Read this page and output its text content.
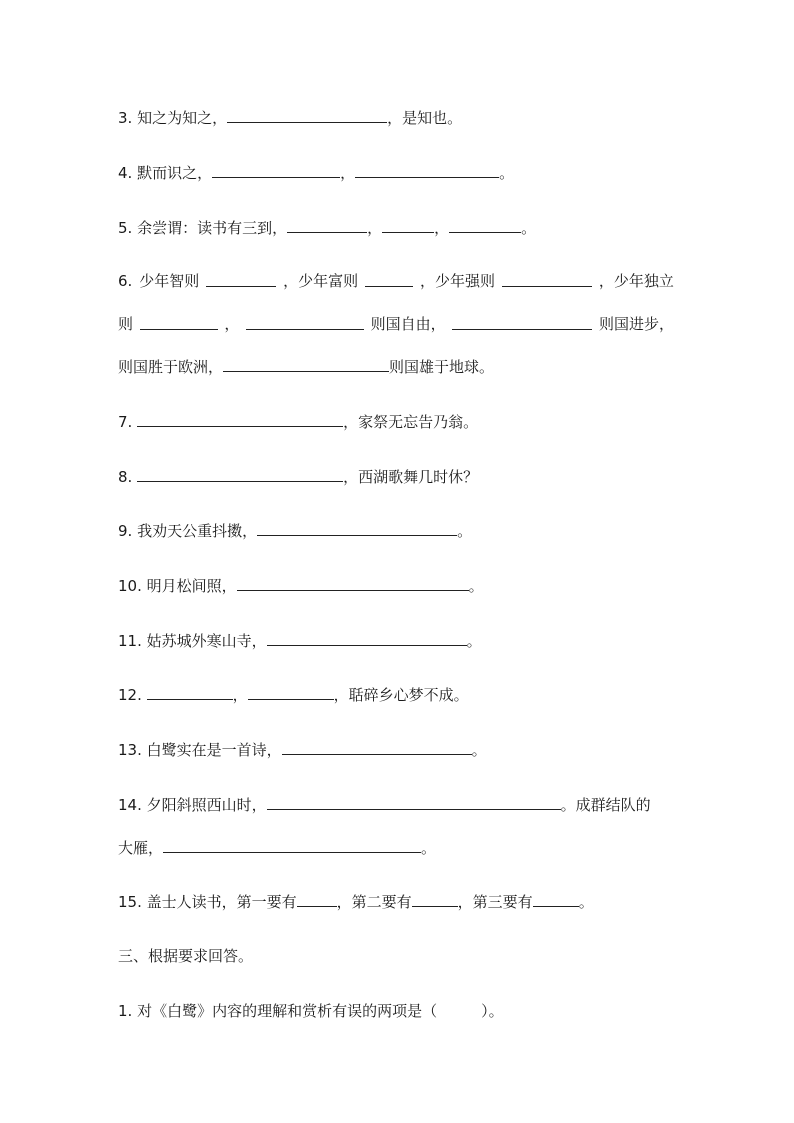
3. 知之为知之，	，是知也。
4. 默而识之，	，	。
5. 余尝谓：读书有三到，	，	，	。
6. 少年智则	，少年富则	，少年强则	，少年独立
则	，	则国自由，	则国进步，
则国胜于欧洲，	则国雄于地球。
7.	，家祭无忘告乃翁。
8.	，西湖歌舞几时休？
9. 我劝天公重抖擞，	。
10. 明月松间照，	。
11. 姑苏城外寒山寺，	。
12.	，	，聒碎乡心梦不成。
13. 白鹭实在是一首诗，	。
14. 夕阳斜照西山时，	。成群结队的
大雁，	。
15. 盖士人读书，第一要有	，第二要有	，第三要有	。
三、根据要求回答。
1. 对《白鹭》内容的理解和赏析有误的两项是（	）。
